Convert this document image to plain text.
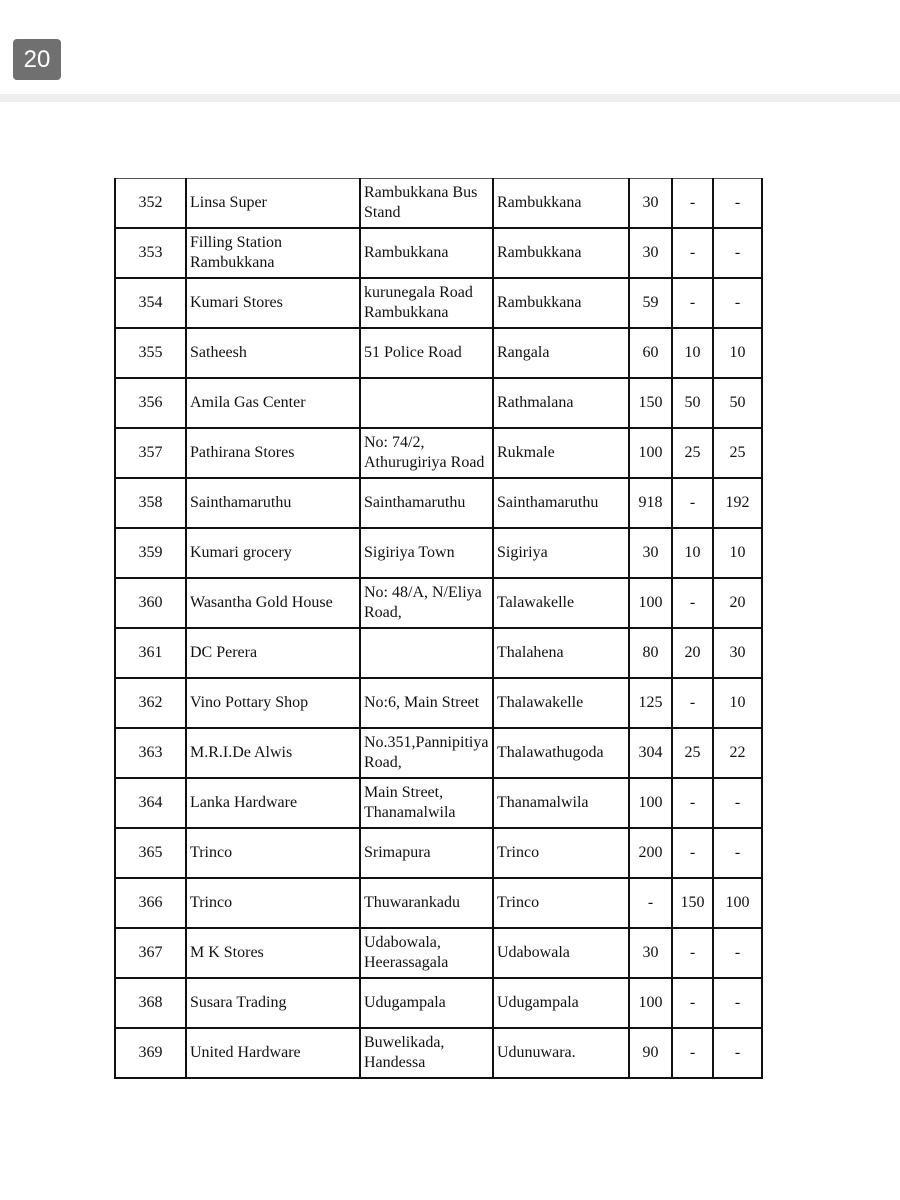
20
352	Linsa Super	Rambukkana Bus Stand	Rambukkana	30	-	-
353	Filling Station Rambukkana	Rambukkana	Rambukkana	30	-	-
354	Kumari Stores	kurunegala Road Rambukkana	Rambukkana	59	-	-
355	Satheesh	51 Police Road	Rangala	60	10	10
356	Amila Gas Center		Rathmalana	150	50	50
357	Pathirana Stores	No: 74/2, Athurugiriya Road	Rukmale	100	25	25
358	Sainthamaruthu	Sainthamaruthu	Sainthamaruthu	918	-	192
359	Kumari grocery	Sigiriya Town	Sigiriya	30	10	10
360	Wasantha Gold House	No: 48/A, N/Eliya Road,	Talawakelle	100	-	20
361	DC Perera		Thalahena	80	20	30
362	Vino Pottary Shop	No:6, Main Street	Thalawakelle	125	-	10
363	M.R.I.De Alwis	No.351,Pannipitiya Road,	Thalawathugoda	304	25	22
364	Lanka Hardware	Main Street, Thanamalwila	Thanamalwila	100	-	-
365	Trinco	Srimapura	Trinco	200	-	-
366	Trinco	Thuwarankadu	Trinco	-	150	100
367	M K Stores	Udabowala, Heerassagala	Udabowala	30	-	-
368	Susara Trading	Udugampala	Udugampala	100	-	-
369	United Hardware	Buwelikada, Handessa	Udunuwara.	90	-	-
